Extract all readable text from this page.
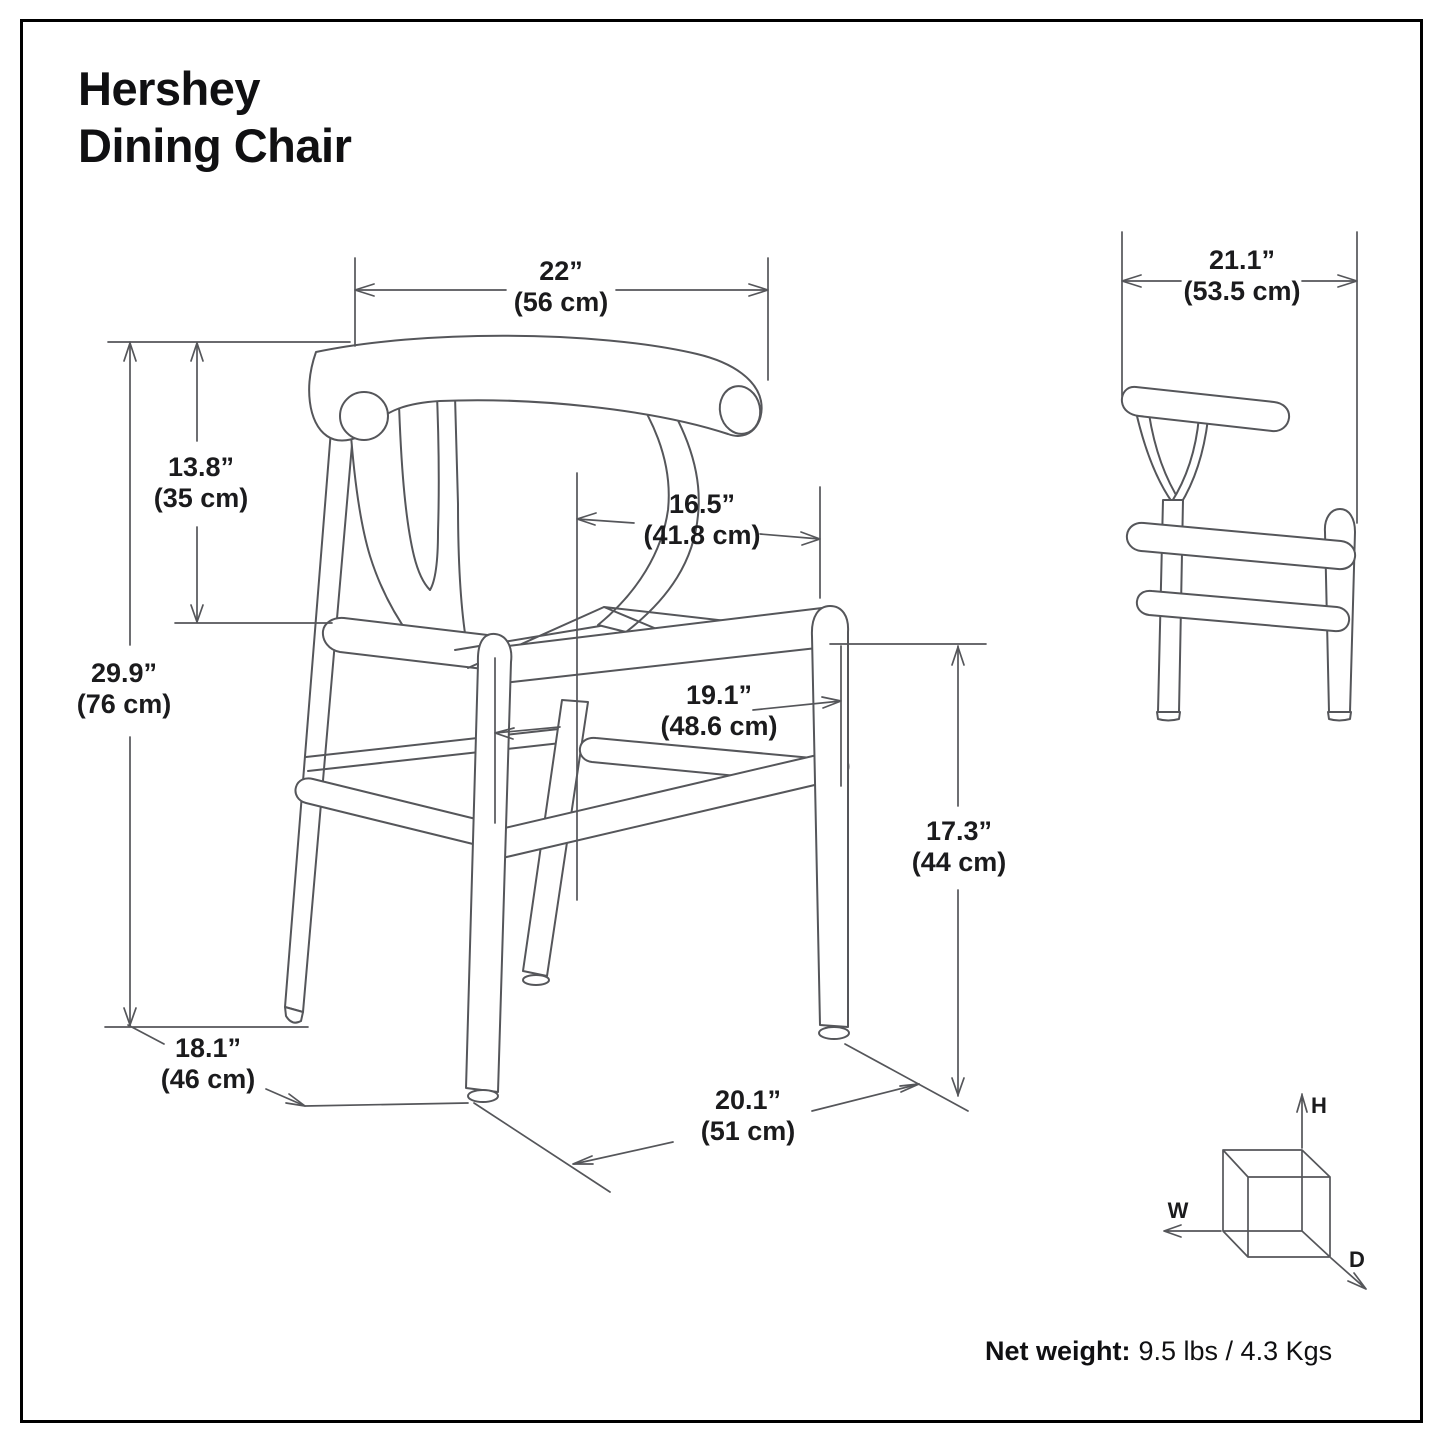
Hershey
Dining Chair
22”
(56 cm)
13.8”
(35 cm)
29.9”
(76 cm)
16.5”
(41.8 cm)
19.1”
(48.6 cm)
17.3”
(44 cm)
18.1”
(46 cm)
20.1”
(51 cm)
21.1”
(53.5 cm)
H
W
D
Net weight: 9.5 lbs / 4.3 Kgs
